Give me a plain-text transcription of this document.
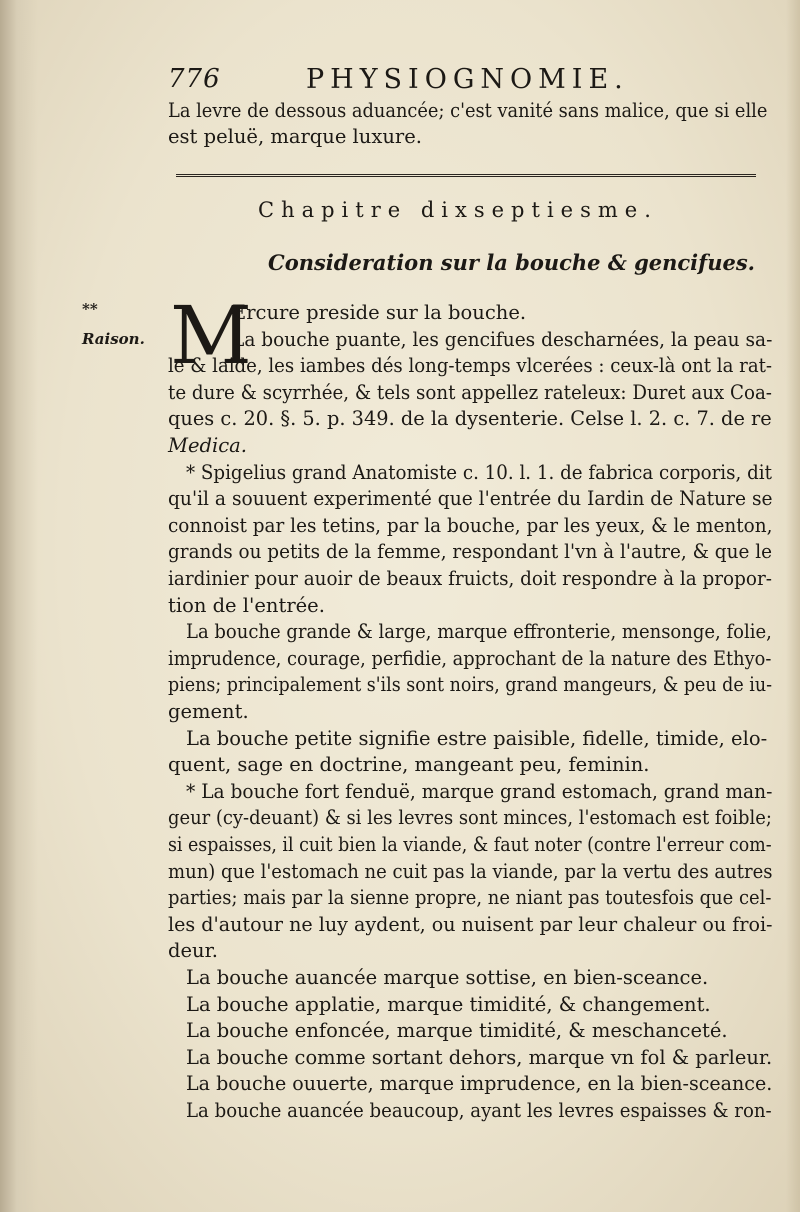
776	PHYSIOGNOMIE.
La levre de dessous aduancée; c'est vanité sans malice, que si elle
est peluë, marque luxure.
Chapitre dixseptiesme.
Consideration sur la bouche & gencifues.
**
Raison. M
Ercure preside sur la bouche.
La bouche puante, les gencifues descharnées, la peau sa-
le & laide, les iambes dés long-temps vlcerées : ceux-là ont la rat-
te dure & scyrrhée, & tels sont appellez rateleux: Duret aux Coa-
ques c. 20. §. 5. p. 349. de la dysenterie. Celse l. 2. c. 7. de re
Medica.
* Spigelius grand Anatomiste c. 10. l. 1. de fabrica corporis, dit
qu'il a souuent experimenté que l'entrée du Iardin de Nature se
connoist par les tetins, par la bouche, par les yeux, & le menton,
grands ou petits de la femme, respondant l'vn à l'autre, & que le
iardinier pour auoir de beaux fruicts, doit respondre à la propor-
tion de l'entrée.
La bouche grande & large, marque effronterie, mensonge, folie,
imprudence, courage, perfidie, approchant de la nature des Ethyo-
piens; principalement s'ils sont noirs, grand mangeurs, & peu de iu-
gement.
La bouche petite signifie estre paisible, fidelle, timide, elo-
quent, sage en doctrine, mangeant peu, feminin.
* La bouche fort fenduë, marque grand estomach, grand man-
geur (cy-deuant) & si les levres sont minces, l'estomach est foible;
si espaisses, il cuit bien la viande, & faut noter (contre l'erreur com-
mun) que l'estomach ne cuit pas la viande, par la vertu des autres
parties; mais par la sienne propre, ne niant pas toutesfois que cel-
les d'autour ne luy aydent, ou nuisent par leur chaleur ou froi-
deur.
La bouche auancée marque sottise, en bien-sceance.
La bouche applatie, marque timidité, & changement.
La bouche enfoncée, marque timidité, & meschanceté.
La bouche comme sortant dehors, marque vn fol & parleur.
La bouche ouuerte, marque imprudence, en la bien-sceance.
La bouche auancée beaucoup, ayant les levres espaisses & ron-
